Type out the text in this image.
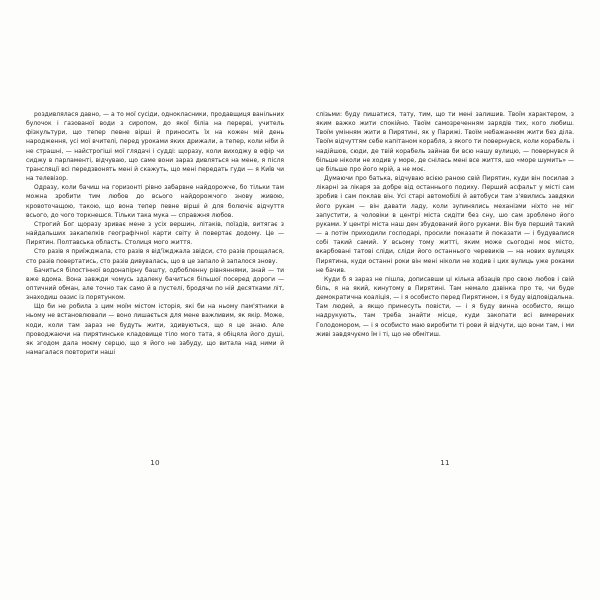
роздивлялася давно, — а то мої сусіди, однокласники, продавщиця ванільних булочок і газованої води з сиропом, до якої біліа на перерві, учитель фізкультури, що тепер певне вірші й приносить їх на кожен мій день народження, усі мої вчителі, перед уроками яких дрижали, а тепер, коли ніби й не страшні, — найстрогіші мої глядачі і судді: щоразу, коли виходжу в ефір чи сиджу в парламенті, відчуваю, що саме вони зараз дивляться на мене, я після трансляції всі передзвонять мені й скажуть, що мені передать гуди — я Київ чи на телевізор.

Одразу, коли бачиш на горизонті рівно забарвне найдорожче, бо тільки там можна зробити тим любов до всього найдорожчого знову живою, кровоточащою, такою, що вона тепер певне вірші й для болючіє відчуття всього, до чого торкнешся. Тільки така мука — справжня любов.

Строгий Бог щоразу зриває мене з усіх вершин, літаків, поїздів, витягає з найдальших закапелків географічної карти світу й повертає додому. Це — Пирятин. Полтавська область. Столиця мого життя.

Сто разів я приїжджала, сто разів я від'їжджала звідси, сто разів прощалася, сто разів повертатись, сто разів дивувалась, що в це запало й запалося знову.

Бачиться білостінної водонапірну башту, одбобленну рівняннями, знай — ти вже вдома. Вона завжди чомусь здалеку бачиться більшої посеред дороги — оптичний обман, але точно так само й в пустелі, бродячи по ній десятками літ, знаходиш оазис із порятунком.

Що би не робила з цим моїм містом історія, які би на ньому пам'ятники в ньому не встановлювали — воно лишається для мене важливим, як якір. Може, коди, коли там зараз не будуть жити, здивуються, що я це знаю. Але проводжаючи на пирятинське кладовище тіло мого тата, я обіцяла його душі, як згодом дала моєму серцю, що я його не забуду, що витала над ними й намагалася повторити наші

10

слізьми: буду пишатися, тату, тим, що ти мені залишив. Твоїм характером, з яким важко жити спокійно. Твоїм самозреченням зарядів тих, кого любиш. Твоїм умінням жити в Пирятині, як у Парижі. Твоїм небажанням жити без діла. Твоїм відчуттям себе капітаном корабля, з якого ти повернувся, коли корабель і надійшов, сюди, де твій корабель зайнав би всю нашу вулицю, — повернувся й більше ніколи не ходив у море, де снілась мені все життя, шо «море шумить» — це більше про його мрій, а не моє.

Думаючи про батька, відчуваю всією раною свій Пирятин, куди він посилав з лікарні за лікаря за добре від останнього подиху. Перший асфальт у місті сам зробив і сам поклав він. Усі старі автомобілі й автобуси там з'явились завдяки його рукам — він давати ладу, коли зупинялись механізми ніхто не міг запустити, а чоловіки в центрі міста сидіти без сну, шо сам зроблено його руками. У центрі міста наш ден збудований його руками. Він був перший такий — а потім приходили господарі, просили показати й показати — і будувалися собі такий самий. У всьому тому житті, яким може сьогодні моє місто, вкарбовані татові сліди, сліди його останнього черевиків — на нових вулицях Пирятина, куди останні роки він мені ніколи не ходив і цих вулиць уже роками не бачив.

Куди б я зараз не пішла, дописавши ці кілька абзаців про свою любов і свій біль, я на який, кинутому в Пирятині. Там немало дзвінка про те, чи буде демократична коаліція, — і я особисто перед Пирятином, і я буду відповідальна. Там людей, а якщо принесуть повісти, — і я буду винна особисто, якщо надрукують, там треба знайти місце, куди закопати всі вимерених Голодомором, — і я особисто маю виробити ті рови й відчути, що вони там, і ми живі завдячуємо їм і ті, що не обмітиш.

11
